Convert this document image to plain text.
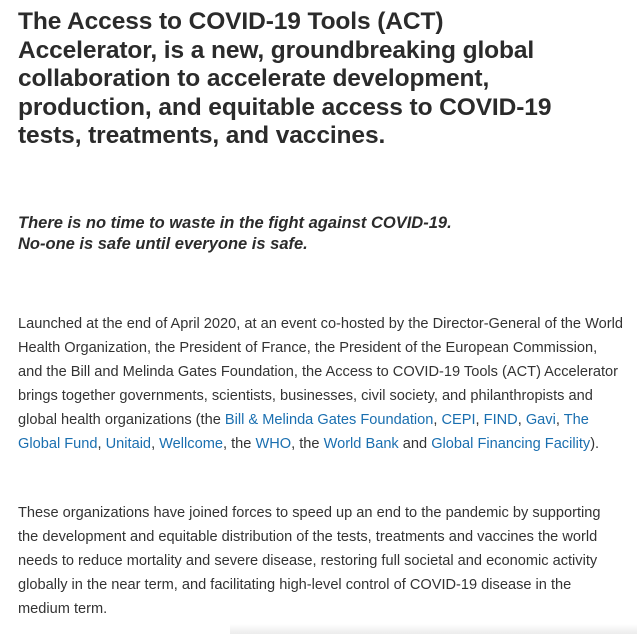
The Access to COVID-19 Tools (ACT)
Accelerator, is a new, groundbreaking global
collaboration to accelerate development,
production, and equitable access to COVID-19
tests, treatments, and vaccines.

There is no time to waste in the fight against COVID-19.
No-one is safe until everyone is safe.

Launched at the end of April 2020, at an event co-hosted by the Director-General of the World Health Organization, the President of France, the President of the European Commission, and the Bill and Melinda Gates Foundation, the Access to COVID-19 Tools (ACT) Accelerator brings together governments, scientists, businesses, civil society, and philanthropists and global health organizations (the Bill & Melinda Gates Foundation, CEPI, FIND, Gavi, The Global Fund, Unitaid, Wellcome, the WHO, the World Bank and Global Financing Facility).

These organizations have joined forces to speed up an end to the pandemic by supporting the development and equitable distribution of the tests, treatments and vaccines the world needs to reduce mortality and severe disease, restoring full societal and economic activity globally in the near term, and facilitating high-level control of COVID-19 disease in the medium term.
